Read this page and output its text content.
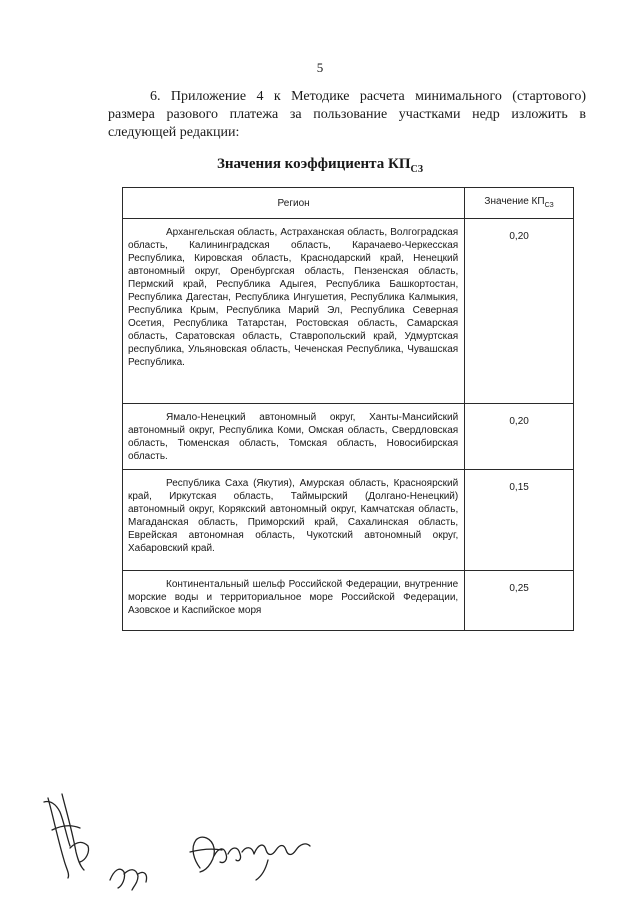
5
6. Приложение 4 к Методике расчета минимального (стартового) размера разового платежа за пользование участками недр изложить в следующей редакции:
Значения коэффициента $КП_{СЗ}$
Регион	Значение $КП_{СЗ}$

Архангельская область, Астраханская область, Волгоградская область, Калининградская область, Карачаево-Черкесская Республика, Кировская область, Краснодарский край, Ненецкий автономный округ, Оренбургская область, Пензенская область, Пермский край, Республика Адыгея, Республика Башкортостан, Республика Дагестан, Республика Ингушетия, Республика Калмыкия, Республика Крым, Республика Марий Эл, Республика Северная Осетия, Республика Татарстан, Ростовская область, Самарская область, Саратовская область, Ставропольский край, Удмуртская республика, Ульяновская область, Чеченская Республика, Чувашская Республика.	0,20

Ямало-Ненецкий автономный округ, Ханты-Мансийский автономный округ, Республика Коми, Омская область, Свердловская область, Тюменская область, Томская область, Новосибирская область.	0,20

Республика Саха (Якутия), Амурская область, Красноярский край, Иркутская область, Таймырский (Долгано-Ненецкий) автономный округ, Корякский автономный округ, Камчатская область, Магаданская область, Приморский край, Сахалинская область, Еврейская автономная область, Чукотский автономный округ, Хабаровский край.	0,15

Континентальный шельф Российской Федерации, внутренние морские воды и территориальное море Российской Федерации, Азовское и Каспийское моря	0,25
